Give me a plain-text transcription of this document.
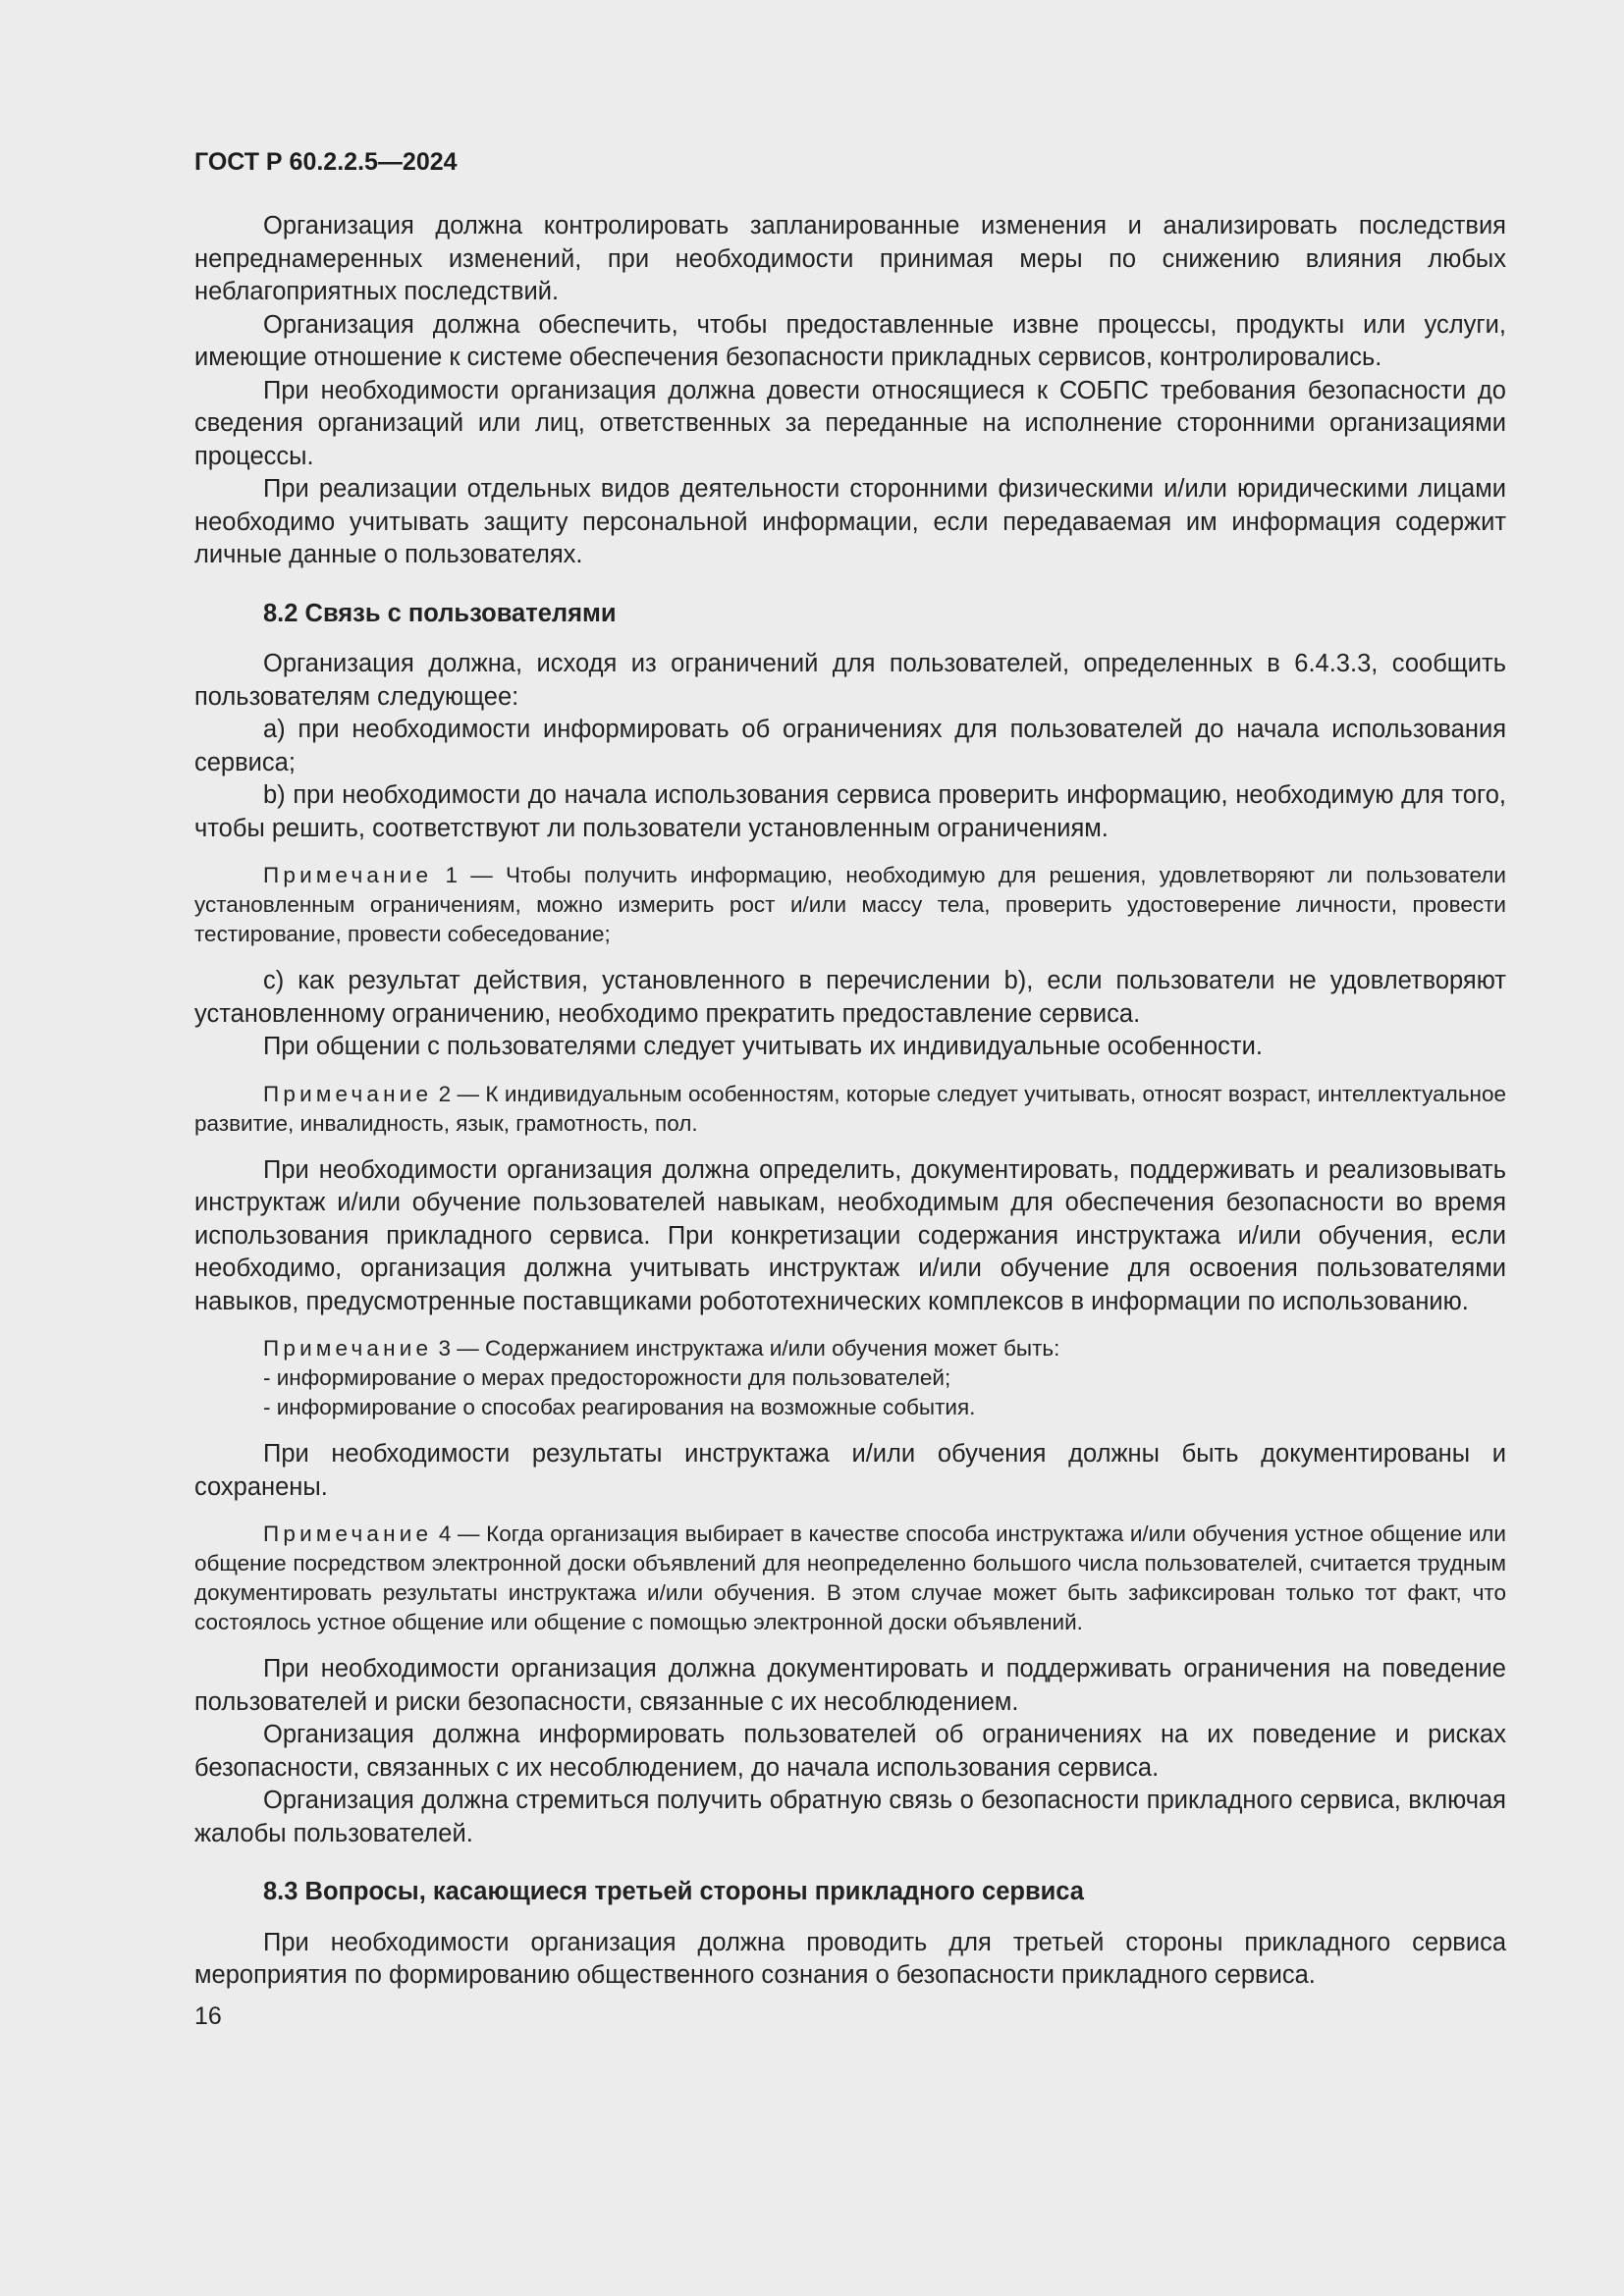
ГОСТ Р 60.2.2.5—2024

Организация должна контролировать запланированные изменения и анализировать последствия непреднамеренных изменений, при необходимости принимая меры по снижению влияния любых неблагоприятных последствий.

Организация должна обеспечить, чтобы предоставленные извне процессы, продукты или услуги, имеющие отношение к системе обеспечения безопасности прикладных сервисов, контролировались.

При необходимости организация должна довести относящиеся к СОБПС требования безопасности до сведения организаций или лиц, ответственных за переданные на исполнение сторонними организациями процессы.

При реализации отдельных видов деятельности сторонними физическими и/или юридическими лицами необходимо учитывать защиту персональной информации, если передаваемая им информация содержит личные данные о пользователях.

8.2 Связь с пользователями

Организация должна, исходя из ограничений для пользователей, определенных в 6.4.3.3, сообщить пользователям следующее:

a) при необходимости информировать об ограничениях для пользователей до начала использования сервиса;

b) при необходимости до начала использования сервиса проверить информацию, необходимую для того, чтобы решить, соответствуют ли пользователи установленным ограничениям.

Примечание 1 — Чтобы получить информацию, необходимую для решения, удовлетворяют ли пользователи установленным ограничениям, можно измерить рост и/или массу тела, проверить удостоверение личности, провести тестирование, провести собеседование;

c) как результат действия, установленного в перечислении b), если пользователи не удовлетворяют установленному ограничению, необходимо прекратить предоставление сервиса.

При общении с пользователями следует учитывать их индивидуальные особенности.

Примечание 2 — К индивидуальным особенностям, которые следует учитывать, относят возраст, интеллектуальное развитие, инвалидность, язык, грамотность, пол.

При необходимости организация должна определить, документировать, поддерживать и реализовывать инструктаж и/или обучение пользователей навыкам, необходимым для обеспечения безопасности во время использования прикладного сервиса. При конкретизации содержания инструктажа и/или обучения, если необходимо, организация должна учитывать инструктаж и/или обучение для освоения пользователями навыков, предусмотренные поставщиками робототехнических комплексов в информации по использованию.

Примечание 3 — Содержанием инструктажа и/или обучения может быть:

- информирование о мерах предосторожности для пользователей;

- информирование о способах реагирования на возможные события.

При необходимости результаты инструктажа и/или обучения должны быть документированы и сохранены.

Примечание 4 — Когда организация выбирает в качестве способа инструктажа и/или обучения устное общение или общение посредством электронной доски объявлений для неопределенно большого числа пользователей, считается трудным документировать результаты инструктажа и/или обучения. В этом случае может быть зафиксирован только тот факт, что состоялось устное общение или общение с помощью электронной доски объявлений.

При необходимости организация должна документировать и поддерживать ограничения на поведение пользователей и риски безопасности, связанные с их несоблюдением.

Организация должна информировать пользователей об ограничениях на их поведение и рисках безопасности, связанных с их несоблюдением, до начала использования сервиса.

Организация должна стремиться получить обратную связь о безопасности прикладного сервиса, включая жалобы пользователей.

8.3 Вопросы, касающиеся третьей стороны прикладного сервиса

При необходимости организация должна проводить для третьей стороны прикладного сервиса мероприятия по формированию общественного сознания о безопасности прикладного сервиса.

16
